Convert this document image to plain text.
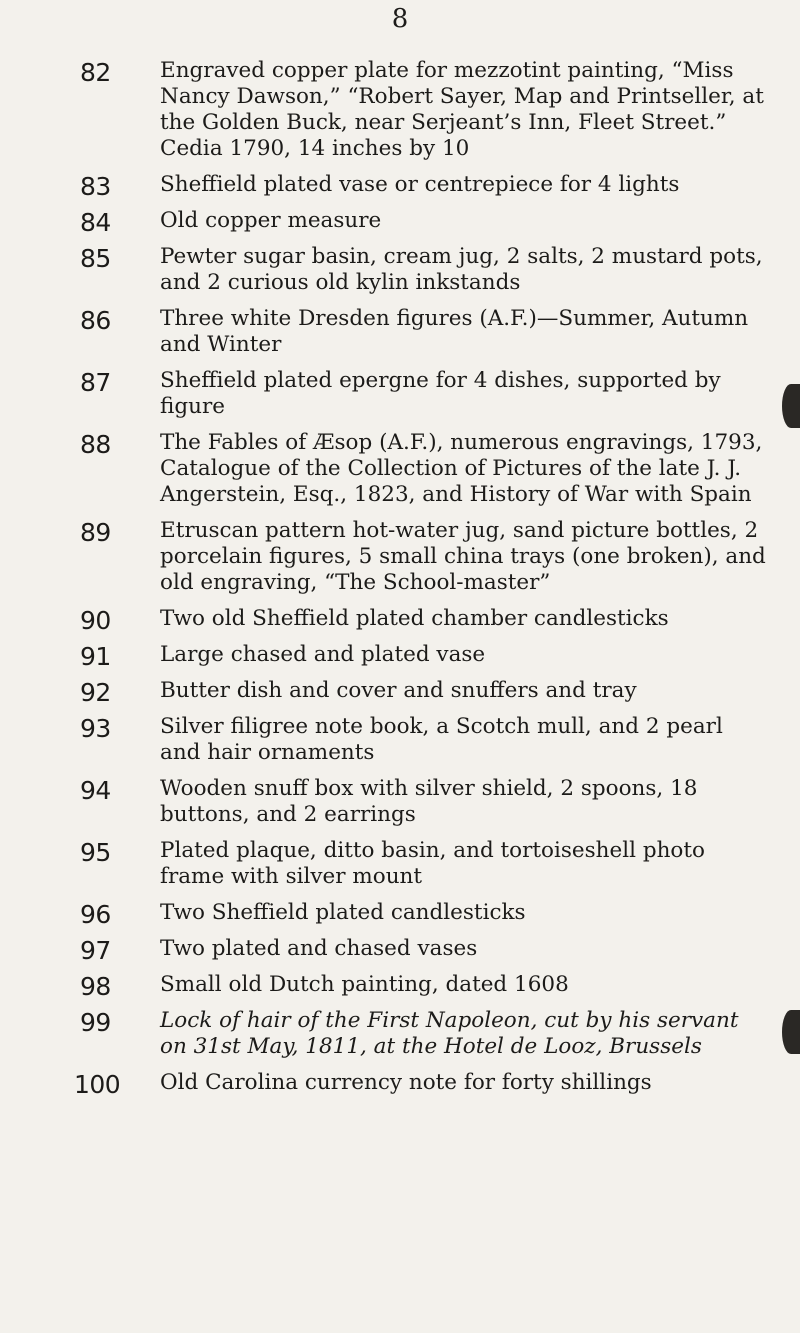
8
82	Engraved copper plate for mezzotint painting, “Miss Nancy Dawson,” “Robert Sayer, Map and Printseller, at the Golden Buck, near Serjeant’s Inn, Fleet Street.” Cedia 1790, 14 inches by 10
83	Sheffield plated vase or centrepiece for 4 lights
84	Old copper measure
85	Pewter sugar basin, cream jug, 2 salts, 2 mustard pots, and 2 curious old kylin inkstands
86	Three white Dresden figures (A.F.)—Summer, Autumn and Winter
87	Sheffield plated epergne for 4 dishes, supported by figure
88	The Fables of Æsop (A.F.), numerous engravings, 1793, Catalogue of the Collection of Pictures of the late J. J. Angerstein, Esq., 1823, and History of War with Spain
89	Etruscan pattern hot-water jug, sand picture bottles, 2 porcelain figures, 5 small china trays (one broken), and old engraving, “The School-master”
90	Two old Sheffield plated chamber candlesticks
91	Large chased and plated vase
92	Butter dish and cover and snuffers and tray
93	Silver filigree note book, a Scotch mull, and 2 pearl and hair ornaments
94	Wooden snuff box with silver shield, 2 spoons, 18 buttons, and 2 earrings
95	Plated plaque, ditto basin, and tortoiseshell photo frame with silver mount
96	Two Sheffield plated candlesticks
97	Two plated and chased vases
98	Small old Dutch painting, dated 1608
99	Lock of hair of the First Napoleon, cut by his servant on 31st May, 1811, at the Hotel de Looz, Brussels
100	Old Carolina currency note for forty shillings
